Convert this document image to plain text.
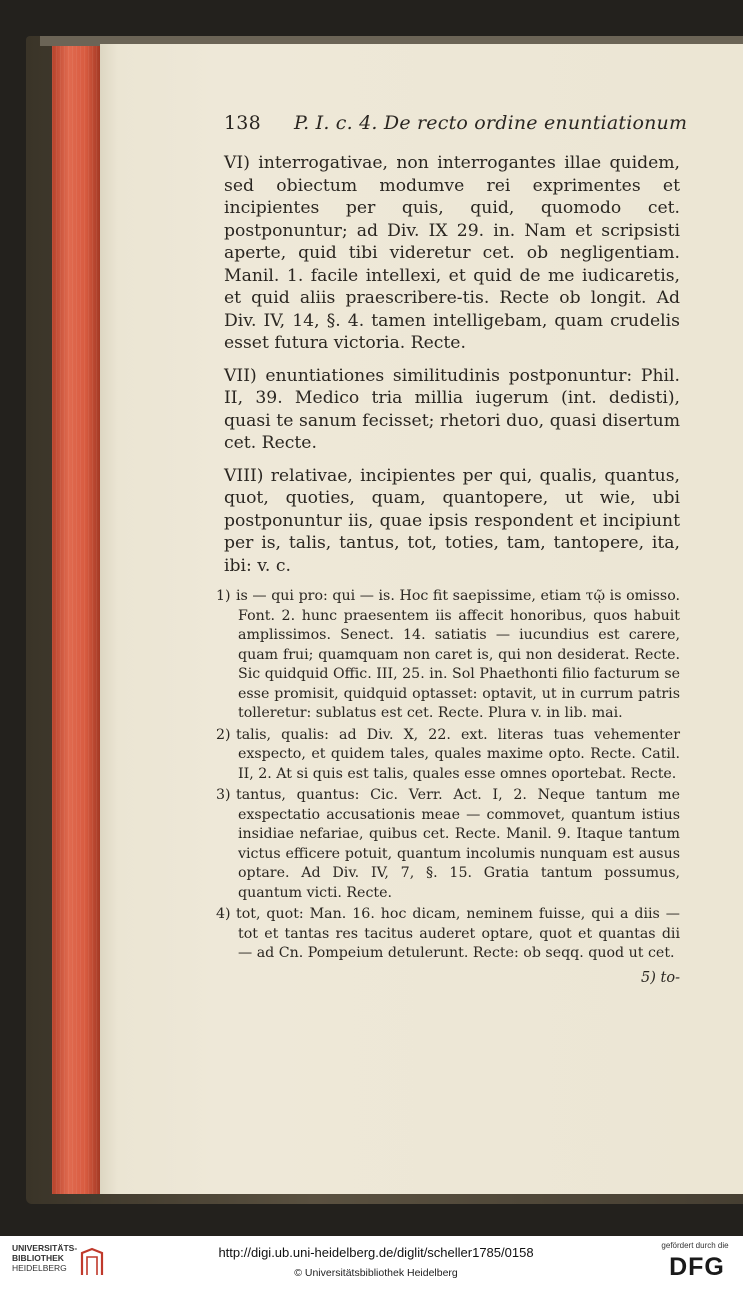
138 P. I. c. 4. De recto ordine enuntiationum

VI) interrogativae, non interrogantes illae quidem, sed obiectum modumve rei exprimentes et incipientes per quis, quid, quomodo cet. postponuntur; ad Div. IX 29. in. Nam et scripsisti aperte, quid tibi videretur cet. ob negligentiam. Manil. 1. facile intellexi, et quid de me iudicaretis, et quid aliis praescribere-tis. Recte ob longit. Ad Div. IV, 14, §. 4. tamen intelligebam, quam crudelis esset futura victoria. Recte.

VII) enuntiationes similitudinis postponuntur: Phil. II, 39. Medico tria millia iugerum (int. dedisti), quasi te sanum fecisset; rhetori duo, quasi disertum cet. Recte.

VIII) relativae, incipientes per qui, qualis, quantus, quot, quoties, quam, quantopere, ut wie, ubi postponuntur iis, quae ipsis respondent et incipiunt per is, talis, tantus, tot, toties, tam, tantopere, ita, ibi: v. c.

1) is — qui pro: qui — is. Hoc fit saepissime, etiam τῷ is omisso. Font. 2. hunc praesentem iis affecit honoribus, quos habuit amplissimos. Senect. 14. satiatis — iucundius est carere, quam frui; quamquam non caret is, qui non desiderat. Recte. Sic quidquid Offic. III, 25. in. Sol Phaethonti filio facturum se esse promisit, quidquid optasset: optavit, ut in currum patris tolleretur: sublatus est cet. Recte. Plura v. in lib. mai.

2) talis, qualis: ad Div. X, 22. ext. literas tuas vehementer exspecto, et quidem tales, quales maxime opto. Recte. Catil. II, 2. At si quis est talis, quales esse omnes oportebat. Recte.

3) tantus, quantus: Cic. Verr. Act. I, 2. Neque tantum me exspectatio accusationis meae — commovet, quantum istius insidiae nefariae, quibus cet. Recte. Manil. 9. Itaque tantum victus efficere potuit, quantum incolumis nunquam est ausus optare. Ad Div. IV, 7, §. 15. Gratia tantum possumus, quantum victi. Recte.

4) tot, quot: Man. 16. hoc dicam, neminem fuisse, qui a diis — tot et tantas res tacitus auderet optare, quot et quantas dii — ad Cn. Pompeium detulerunt. Recte: ob seqq. quod ut cet.

5) to-
UNIVERSITÄTS-
BIBLIOTHEK
HEIDELBERG
http://digi.ub.uni-heidelberg.de/diglit/scheller1785/0158
© Universitätsbibliothek Heidelberg
gefördert durch die
DFG
